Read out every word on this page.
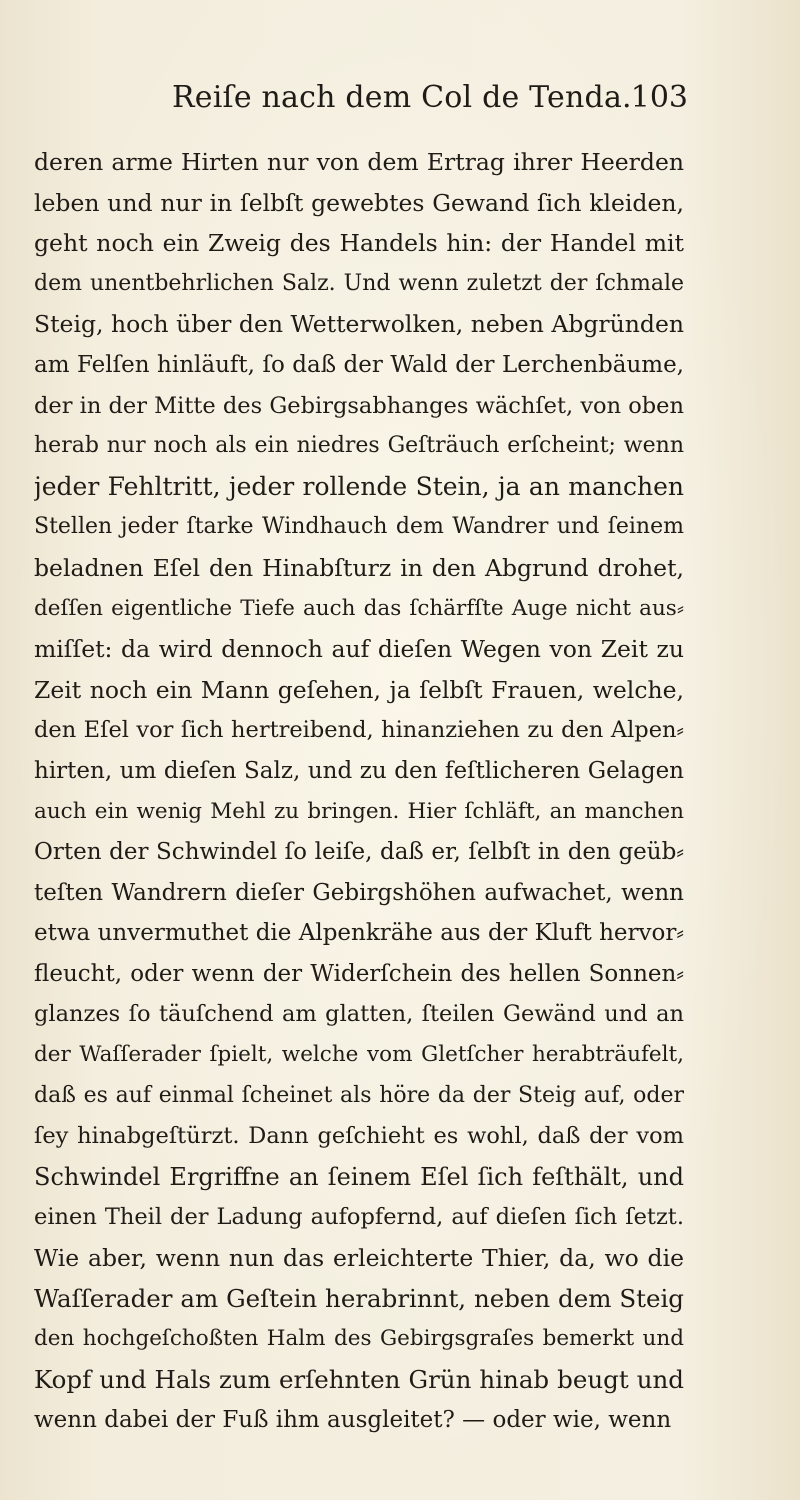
Reiſe nach dem Col de Tenda.
103
deren arme Hirten nur von dem Ertrag ihrer Heerden
leben und nur in ſelbſt gewebtes Gewand ſich kleiden,
geht noch ein Zweig des Handels hin: der Handel mit
dem unentbehrlichen Salz. Und wenn zuletzt der ſchmale
Steig, hoch über den Wetterwolken, neben Abgründen
am Felſen hinläuft, ſo daß der Wald der Lerchenbäume,
der in der Mitte des Gebirgsabhanges wächſet, von oben
herab nur noch als ein niedres Geſträuch erſcheint; wenn
jeder Fehltritt, jeder rollende Stein, ja an manchen
Stellen jeder ſtarke Windhauch dem Wandrer und ſeinem
beladnen Eſel den Hinabſturz in den Abgrund drohet,
deſſen eigentliche Tiefe auch das ſchärfſte Auge nicht aus⸗
miſſet: da wird dennoch auf dieſen Wegen von Zeit zu
Zeit noch ein Mann geſehen, ja ſelbſt Frauen, welche,
den Eſel vor ſich hertreibend, hinanziehen zu den Alpen⸗
hirten, um dieſen Salz, und zu den feſtlicheren Gelagen
auch ein wenig Mehl zu bringen. Hier ſchläft, an manchen
Orten der Schwindel ſo leiſe, daß er, ſelbſt in den geüb⸗
teſten Wandrern dieſer Gebirgshöhen aufwachet, wenn
etwa unvermuthet die Alpenkrähe aus der Kluft hervor⸗
fleucht, oder wenn der Widerſchein des hellen Sonnen⸗
glanzes ſo täuſchend am glatten, ſteilen Gewänd und an
der Waſſerader ſpielt, welche vom Gletſcher herabträufelt,
daß es auf einmal ſcheinet als höre da der Steig auf, oder
ſey hinabgeſtürzt. Dann geſchieht es wohl, daß der vom
Schwindel Ergriffne an ſeinem Eſel ſich feſthält, und
einen Theil der Ladung aufopfernd, auf dieſen ſich ſetzt.
Wie aber, wenn nun das erleichterte Thier, da, wo die
Waſſerader am Geſtein herabrinnt, neben dem Steig
den hochgeſchoßten Halm des Gebirgsgraſes bemerkt und
Kopf und Hals zum erſehnten Grün hinab beugt und
wenn dabei der Fuß ihm ausgleitet? — oder wie, wenn
